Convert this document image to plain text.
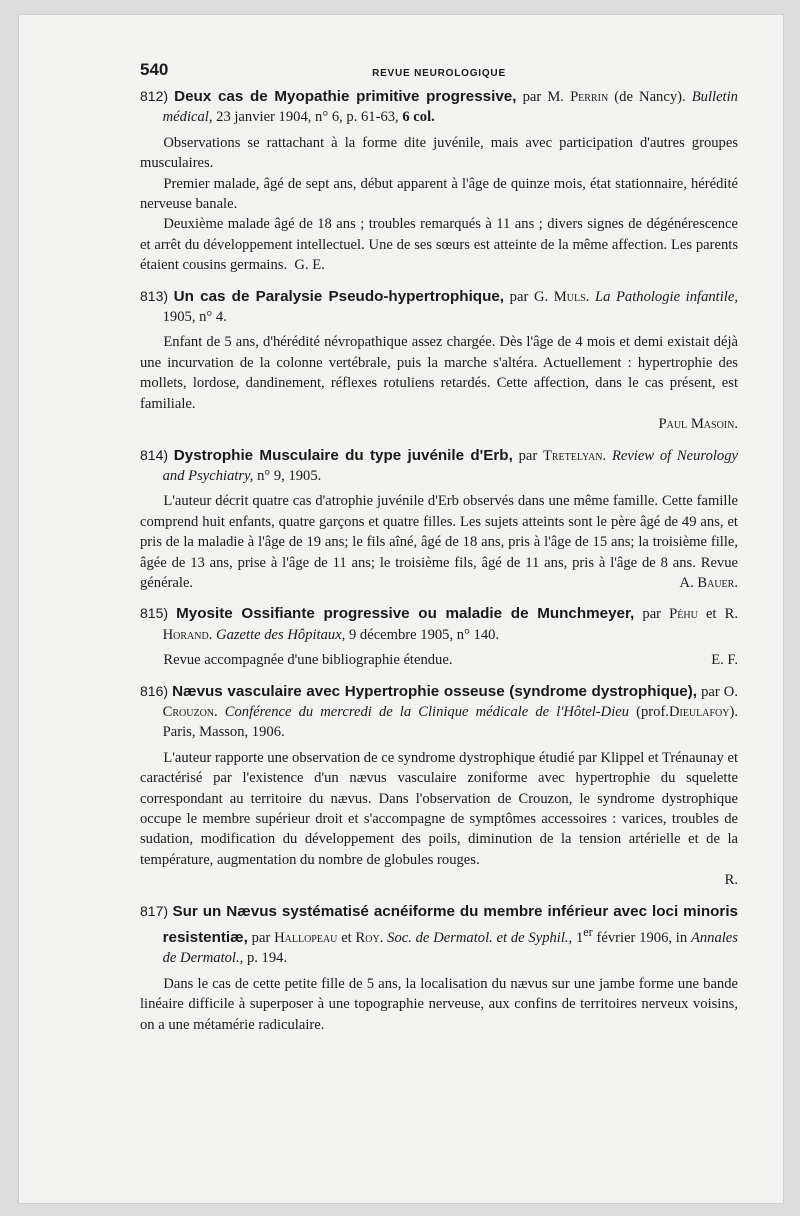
540	REVUE NEUROLOGIQUE

812) Deux cas de Myopathie primitive progressive, par M. Perrin (de Nancy). Bulletin médical, 23 janvier 1904, n° 6, p. 61-63, 6 col.

Observations se rattachant à la forme dite juvénile, mais avec participation d'autres groupes musculaires.

Premier malade, âgé de sept ans, début apparent à l'âge de quinze mois, état stationnaire, hérédité nerveuse banale.

Deuxième malade âgé de 18 ans ; troubles remarqués à 11 ans ; divers signes de dégénérescence et arrêt du développement intellectuel. Une de ses sœurs est atteinte de la même affection. Les parents étaient cousins germains. G. E.

813) Un cas de Paralysie Pseudo-hypertrophique, par G. Muls. La Pathologie infantile, 1905, n° 4.

Enfant de 5 ans, d'hérédité névropathique assez chargée. Dès l'âge de 4 mois et demi existait déjà une incurvation de la colonne vertébrale, puis la marche s'altéra. Actuellement : hypertrophie des mollets, lordose, dandinement, réflexes rotuliens retardés. Cette affection, dans le cas présent, est familiale.

Paul Masoin.

814) Dystrophie Musculaire du type juvénile d'Erb, par Tretelyan. Review of Neurology and Psychiatry, n° 9, 1905.

L'auteur décrit quatre cas d'atrophie juvénile d'Erb observés dans une même famille. Cette famille comprend huit enfants, quatre garçons et quatre filles. Les sujets atteints sont le père âgé de 49 ans, et pris de la maladie à l'âge de 19 ans; le fils aîné, âgé de 18 ans, pris à l'âge de 15 ans; la troisième fille, âgée de 13 ans, prise à l'âge de 11 ans; le troisième fils, âgé de 11 ans, pris à l'âge de 8 ans. Revue générale.	A. Bauer.

815) Myosite Ossifiante progressive ou maladie de Munchmeyer, par Péhu et R. Horand. Gazette des Hôpitaux, 9 décembre 1905, n° 140.

Revue accompagnée d'une bibliographie étendue.	E. F.

816) Nævus vasculaire avec Hypertrophie osseuse (syndrome dystrophique), par O. Crouzon. Conférence du mercredi de la Clinique médicale de l'Hôtel-Dieu (prof.Dieulafoy). Paris, Masson, 1906.

L'auteur rapporte une observation de ce syndrome dystrophique étudié par Klippel et Trénaunay et caractérisé par l'existence d'un nævus vasculaire zoniforme avec hypertrophie du squelette correspondant au territoire du nævus. Dans l'observation de Crouzon, le syndrome dystrophique occupe le membre supérieur droit et s'accompagne de symptômes accessoires : varices, troubles de sudation, modification du développement des poils, diminution de la tension artérielle et de la température, augmentation du nombre de globules rouges.

R.

817) Sur un Nævus systématisé acnéiforme du membre inférieur avec loci minoris resistentiæ, par Hallopeau et Roy. Soc. de Dermatol. et de Syphil., 1er février 1906, in Annales de Dermatol., p. 194.

Dans le cas de cette petite fille de 5 ans, la localisation du nævus sur une jambe forme une bande linéaire difficile à superposer à une topographie nerveuse, aux confins de territoires nerveux voisins, on a une métamérie radiculaire.
